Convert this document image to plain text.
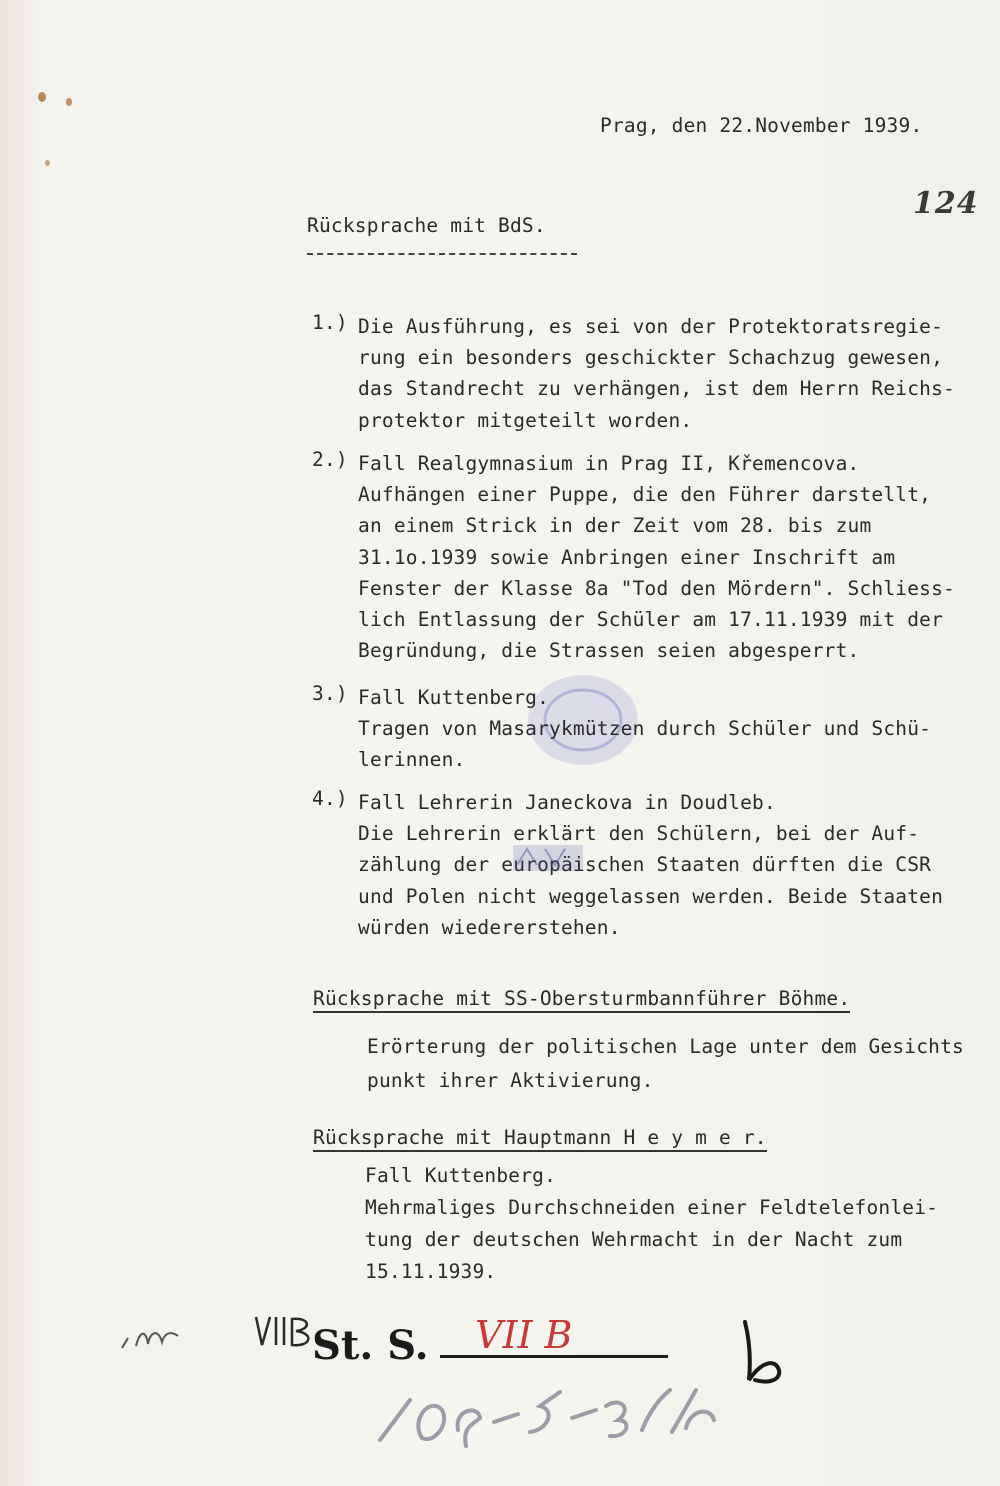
Prag, den 22.November 1939.
124
Rücksprache mit BdS.
1.) Die Ausführung, es sei von der Protektoratsregie-
rung ein besonders geschickter Schachzug gewesen,
das Standrecht zu verhängen, ist dem Herrn Reichs-
protektor mitgeteilt worden.
2.) Fall Realgymnasium in Prag II, Křemencova.
Aufhängen einer Puppe, die den Führer darstellt,
an einem Strick in der Zeit vom 28. bis zum
31.1o.1939 sowie Anbringen einer Inschrift am
Fenster der Klasse 8a "Tod den Mördern". Schliess-
lich Entlassung der Schüler am 17.11.1939 mit der
Begründung, die Strassen seien abgesperrt.
3.) Fall Kuttenberg.
Tragen von Masarykmützen durch Schüler und Schü-
lerinnen.
4.) Fall Lehrerin Janeckova in Doudleb.
Die Lehrerin erklärt den Schülern, bei der Auf-
zählung der europäischen Staaten dürften die CSR
und Polen nicht weggelassen werden. Beide Staaten
würden wiedererstehen.
Rücksprache mit SS-Obersturmbannführer Böhme.
Erörterung der politischen Lage unter dem Gesichts
punkt ihrer Aktivierung.
Rücksprache mit Hauptmann H e y m e r.
Fall Kuttenberg.
Mehrmaliges Durchschneiden einer Feldtelefonlei-
tung der deutschen Wehrmacht in der Nacht zum
15.11.1939.
St. S. VII B
